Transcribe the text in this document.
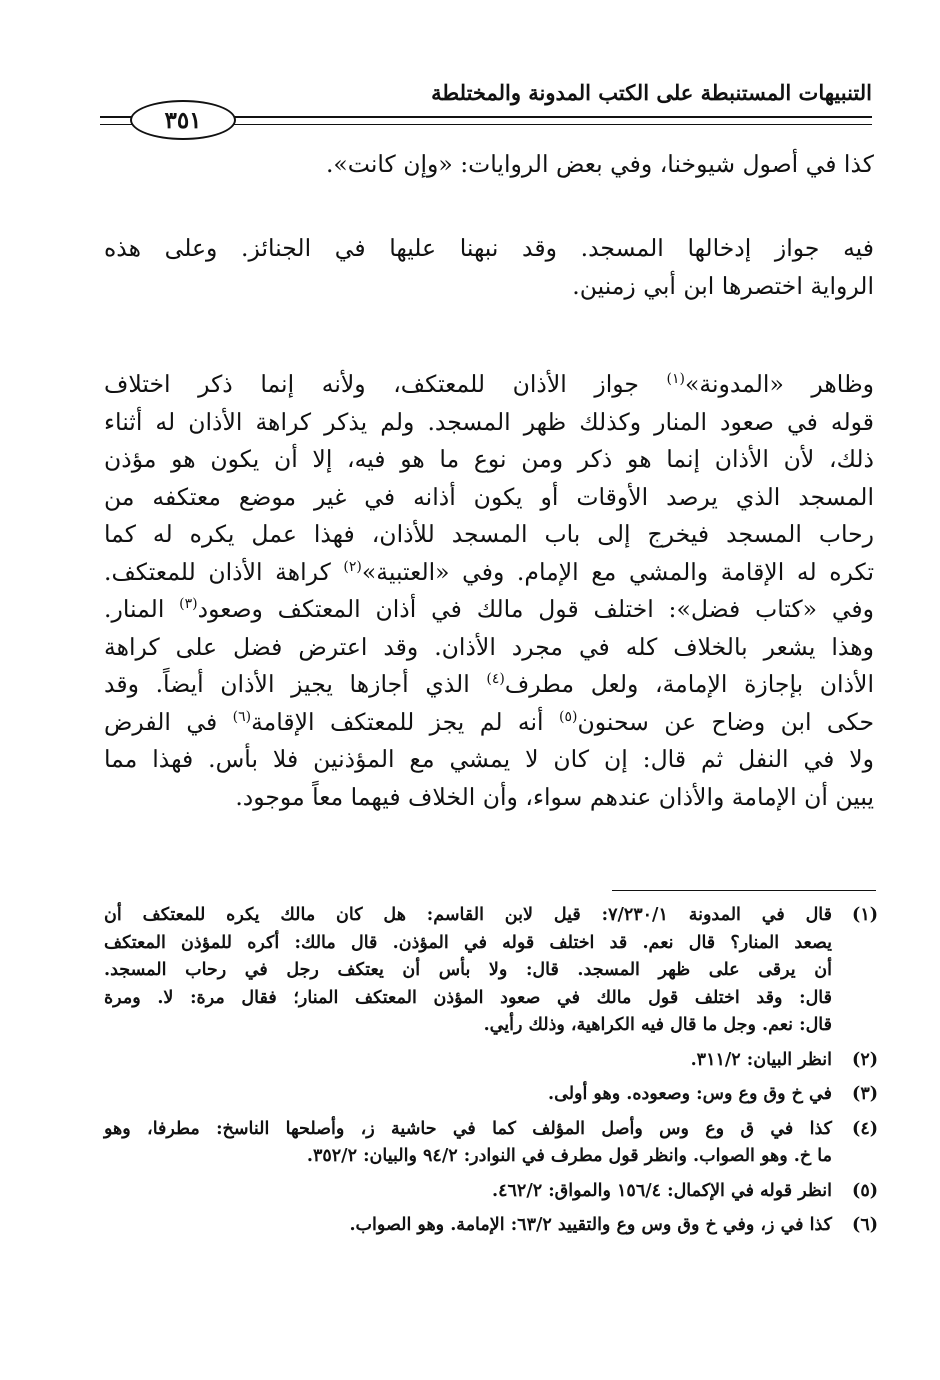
التنبيهات المستنبطة على الكتب المدونة والمختلطة
٣٥١
كذا في أصول شيوخنا، وفي بعض الروايات: «وإن كانت».
فيه جواز إدخالها المسجد. وقد نبهنا عليها في الجنائز. وعلى هذه
الرواية اختصرها ابن أبي زمنين.
وظاهر «المدونة»$^{(١)}$ جواز الأذان للمعتكف، ولأنه إنما ذكر اختلاف
قوله في صعود المنار وكذلك ظهر المسجد. ولم يذكر كراهة الأذان له أثناء
ذلك، لأن الأذان إنما هو ذكر ومن نوع ما هو فيه، إلا أن يكون هو مؤذن
المسجد الذي يرصد الأوقات أو يكون أذانه في غير موضع معتكفه من
رحاب المسجد فيخرج إلى باب المسجد للأذان، فهذا عمل يكره له كما
تكره له الإقامة والمشي مع الإمام. وفي «العتبية»$^{(٢)}$ كراهة الأذان للمعتكف.
وفي «كتاب فضل»: اختلف قول مالك في أذان المعتكف وصعود$^{(٣)}$ المنار.
وهذا يشعر بالخلاف كله في مجرد الأذان. وقد اعترض فضل على كراهة
الأذان بإجازة الإمامة، ولعل مطرف$^{(٤)}$ الذي أجازها يجيز الأذان أيضاً. وقد
حكى ابن وضاح عن سحنون$^{(٥)}$ أنه لم يجز للمعتكف الإقامة$^{(٦)}$ في الفرض
ولا في النفل ثم قال: إن كان لا يمشي مع المؤذنين فلا بأس. فهذا مما
يبين أن الإمامة والأذان عندهم سواء، وأن الخلاف فيهما معاً موجود.
(١)
قال في المدونة ٧/٢٣٠/١: قيل لابن القاسم: هل كان مالك يكره للمعتكف أن
يصعد المنار؟ قال نعم. قد اختلف قوله في المؤذن. قال مالك: أكره للمؤذن المعتكف
أن يرقى على ظهر المسجد. قال: ولا بأس أن يعتكف رجل في رحاب المسجد.
قال: وقد اختلف قول مالك في صعود المؤذن المعتكف المنار؛ فقال مرة: لا. ومرة
قال: نعم. وجل ما قال فيه الكراهية، وذلك رأيي.
(٢)
انظر البيان: ٣١١/٢.
(٣)
في خ وق وع وس: وصعوده. وهو أولى.
(٤)
كذا في ق وع وس وأصل المؤلف كما في حاشية ز، وأصلحها الناسخ: مطرفا، وهو
ما خ. وهو الصواب. وانظر قول مطرف في النوادر: ٩٤/٢ والبيان: ٣٥٢/٢.
(٥)
انظر قوله في الإكمال: ١٥٦/٤ والمواق: ٤٦٢/٢.
(٦)
كذا في ز، وفي خ وق وس وع والتقييد ٦٣/٢: الإمامة. وهو الصواب.
